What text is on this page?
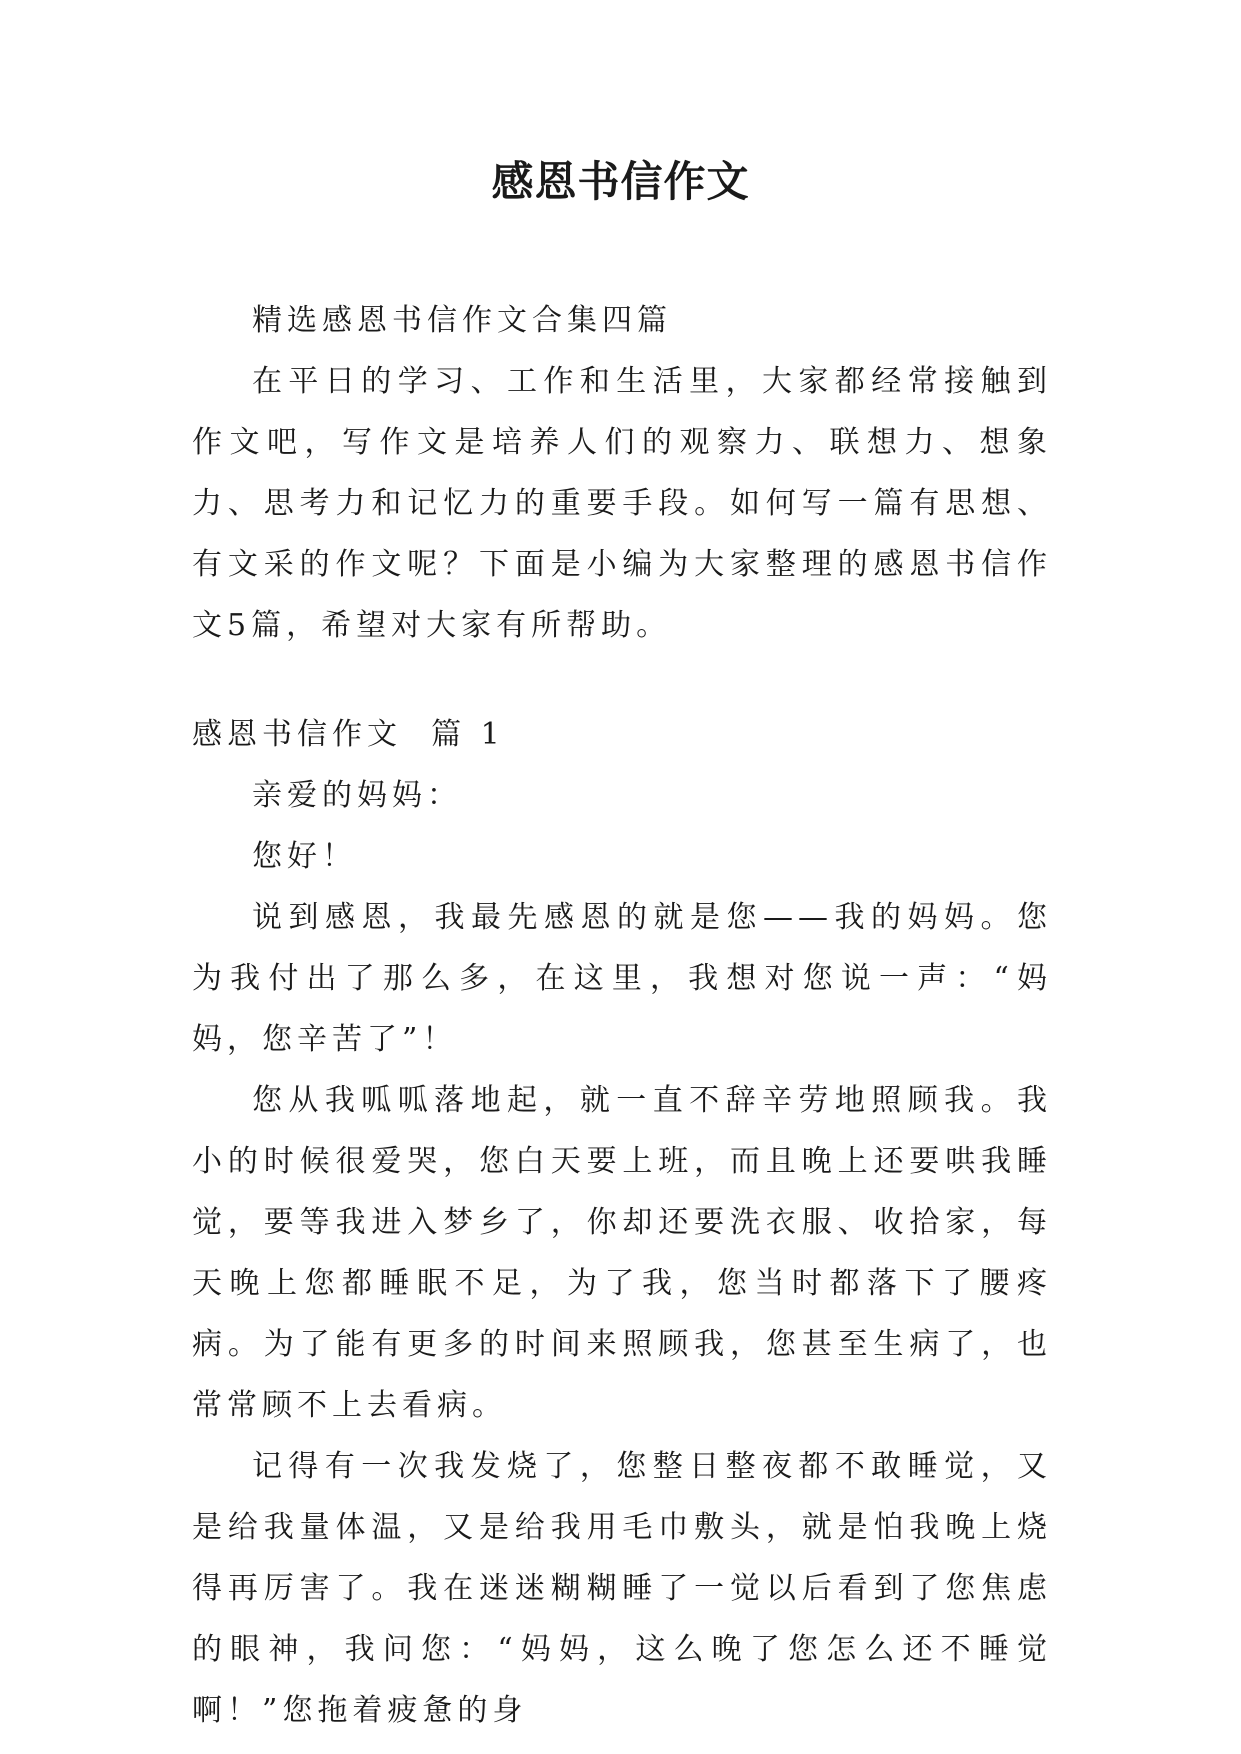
感恩书信作文

精选感恩书信作文合集四篇

在平日的学习、工作和生活里，大家都经常接触到作文吧，写作文是培养人们的观察力、联想力、想象力、思考力和记忆力的重要手段。如何写一篇有思想、有文采的作文呢？下面是小编为大家整理的感恩书信作文5篇，希望对大家有所帮助。

感恩书信作文  篇 1

亲爱的妈妈：

您好！

说到感恩，我最先感恩的就是您——我的妈妈。您为我付出了那么多，在这里，我想对您说一声：“妈妈，您辛苦了”！

您从我呱呱落地起，就一直不辞辛劳地照顾我。我小的时候很爱哭，您白天要上班，而且晚上还要哄我睡觉，要等我进入梦乡了，你却还要洗衣服、收拾家，每天晚上您都睡眠不足，为了我，您当时都落下了腰疼病。为了能有更多的时间来照顾我，您甚至生病了，也常常顾不上去看病。

记得有一次我发烧了，您整日整夜都不敢睡觉，又是给我量体温，又是给我用毛巾敷头，就是怕我晚上烧得再厉害了。我在迷迷糊糊睡了一觉以后看到了您焦虑的眼神，我问您：“妈妈，这么晚了您怎么还不睡觉啊！”您拖着疲惫的身
